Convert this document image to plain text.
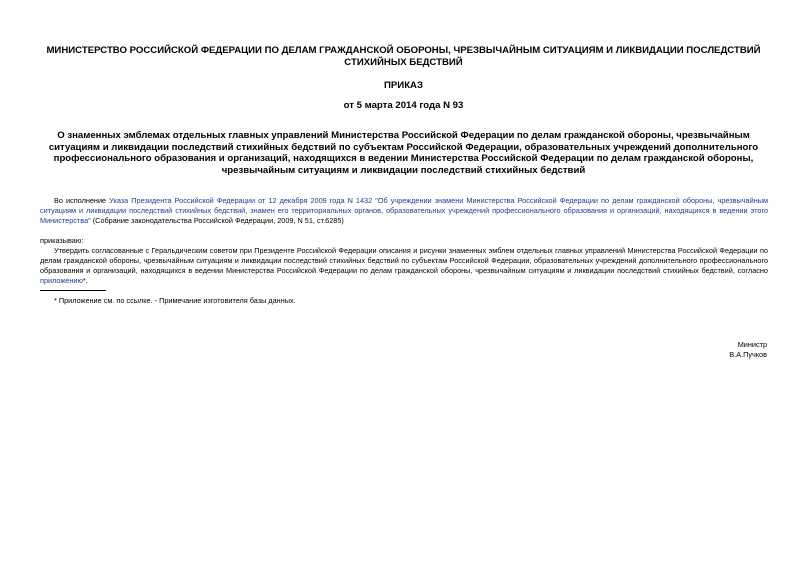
МИНИСТЕРСТВО РОССИЙСКОЙ ФЕДЕРАЦИИ ПО ДЕЛАМ ГРАЖДАНСКОЙ ОБОРОНЫ, ЧРЕЗВЫЧАЙНЫМ СИТУАЦИЯМ И ЛИКВИДАЦИИ ПОСЛЕДСТВИЙ СТИХИЙНЫХ БЕДСТВИЙ
ПРИКАЗ
от 5 марта 2014 года N 93
О знаменных эмблемах отдельных главных управлений Министерства Российской Федерации по делам гражданской обороны, чрезвычайным ситуациям и ликвидации последствий стихийных бедствий по субъектам Российской Федерации, образовательных учреждений дополнительного профессионального образования и организаций, находящихся в ведении Министерства Российской Федерации по делам гражданской обороны, чрезвычайным ситуациям и ликвидации последствий стихийных бедствий
Во исполнение Указа Президента Российской Федерации от 12 декабря 2009 года N 1432 "Об учреждении знамени Министерства Российской Федерации по делам гражданской обороны, чрезвычайным ситуациям и ликвидации последствий стихийных бедствий, знамен его территориальных органов, образовательных учреждений профессионального образования и организаций, находящихся в ведении этого Министерства" (Собрание законодательства Российской Федерации, 2009, N 51, ст.6285)
приказываю:
Утвердить согласованные с Геральдическим советом при Президенте Российской Федерации описания и рисунки знаменных эмблем отдельных главных управлений Министерства Российской Федерации по делам гражданской обороны, чрезвычайным ситуациям и ликвидации последствий стихийных бедствий по субъектам Российской Федерации, образовательных учреждений дополнительного профессионального образования и организаций, находящихся в ведении Министерства Российской Федерации по делам гражданской обороны, чрезвычайным ситуациям и ликвидации последствий стихийных бедствий, согласно приложению*.
* Приложение см. по ссылке. - Примечание изготовителя базы данных.
Министр
В.А.Пучков
